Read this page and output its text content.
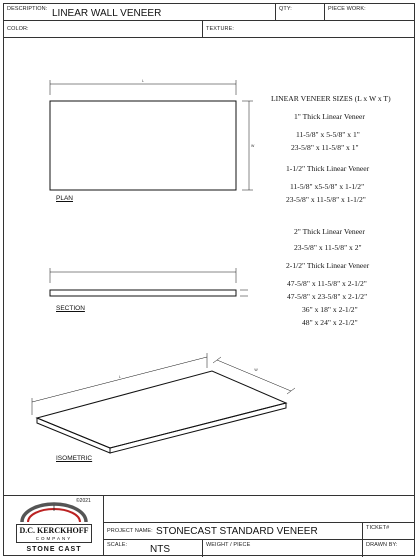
DESCRIPTION: LINEAR WALL VENEER	QTY:	PIECE WORK:
COLOR:	TEXTURE:
L
W
L
W
PLAN
SECTION
ISOMETRIC
LINEAR VENEER SIZES (L x W x T)
1" Thick Linear Veneer
11-5/8" x 5-5/8" x 1"
23-5/8" x 11-5/8" x 1"
1-1/2" Thick Linear Veneer
11-5/8" x5-5/8" x 1-1/2"
23-5/8" x 11-5/8" x 1-1/2"
2" Thick Linear Veneer
23-5/8" x 11-5/8" x 2"
2-1/2" Thick Linear Veneer
47-5/8" x 11-5/8" x 2-1/2"
47-5/8" x 23-5/8" x 2-1/2"
36" x 18" x 2-1/2"
48" x 24" x 2-1/2"
©2021
D.C. KERCKHOFF
COMPANY
STONE CAST
PROJECT NAME: STONECAST STANDARD VENEER	TICKET#
SCALE: NTS	WEIGHT / PIECE	DRAWN BY:
